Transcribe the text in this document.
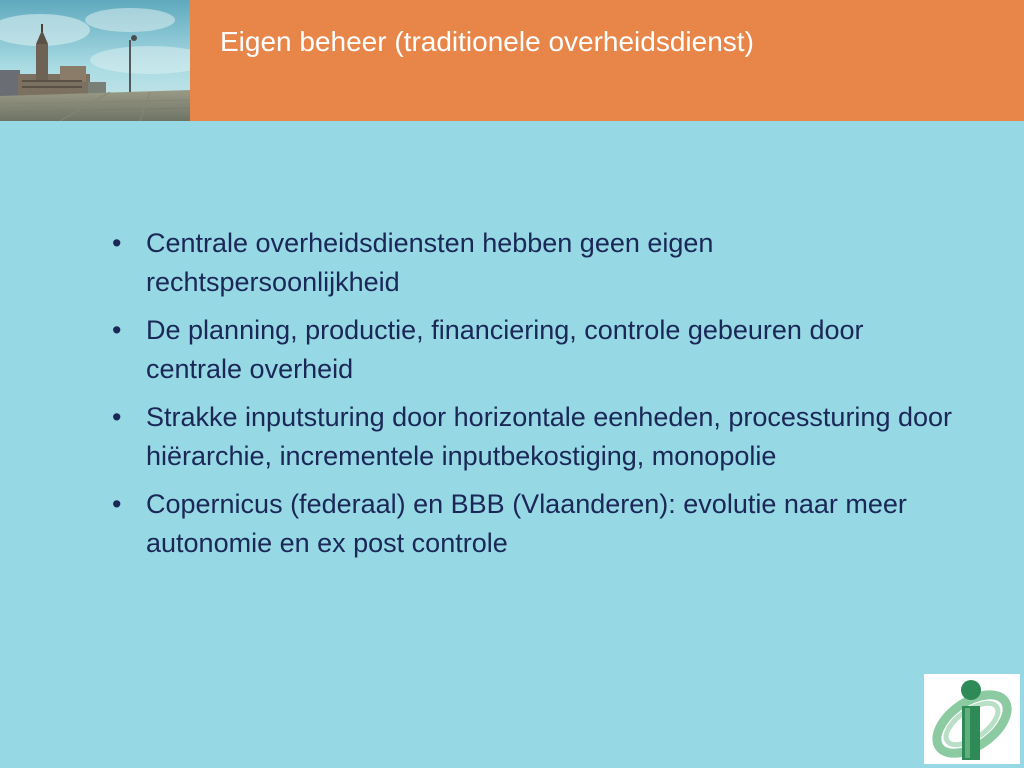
Eigen beheer (traditionele overheidsdienst)
• Centrale overheidsdiensten hebben geen eigen rechtspersoonlijkheid
• De planning, productie, financiering, controle gebeuren door centrale overheid
• Strakke inputsturing door horizontale eenheden, processturing door hiërarchie, incrementele inputbekostiging, monopolie
• Copernicus (federaal) en BBB (Vlaanderen): evolutie naar meer autonomie en ex post controle
